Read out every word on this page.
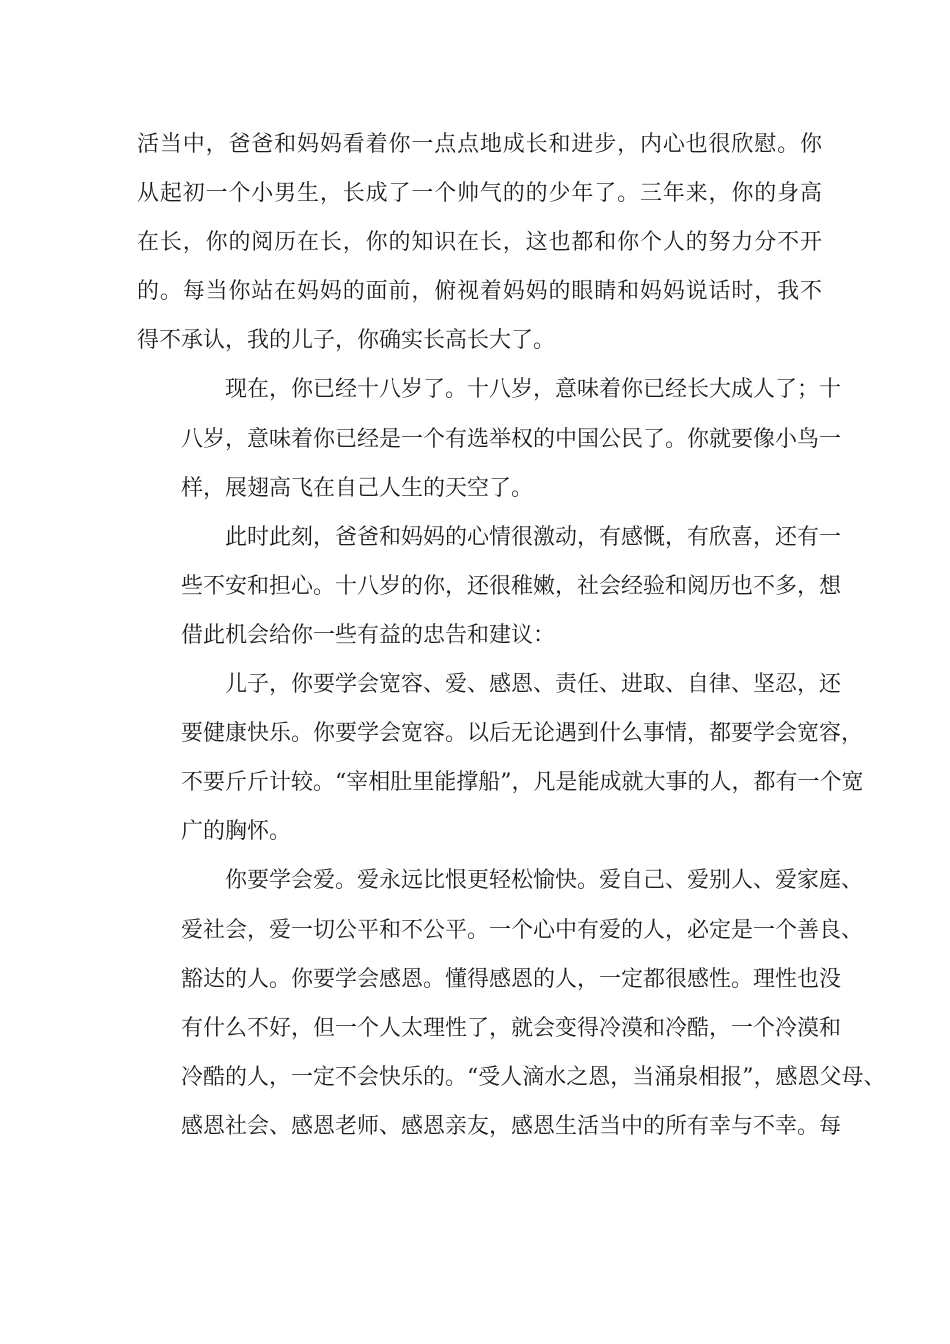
活当中，爸爸和妈妈看着你一点点地成长和进步，内心也很欣慰。你
从起初一个小男生，长成了一个帅气的的少年了。三年来，你的身高
在长，你的阅历在长，你的知识在长，这也都和你个人的努力分不开
的。每当你站在妈妈的面前，俯视着妈妈的眼睛和妈妈说话时，我不
得不承认，我的儿子，你确实长高长大了。
现在，你已经十八岁了。十八岁，意味着你已经长大成人了；十
八岁，意味着你已经是一个有选举权的中国公民了。你就要像小鸟一
样，展翅高飞在自己人生的天空了。
此时此刻，爸爸和妈妈的心情很激动，有感慨，有欣喜，还有一
些不安和担心。十八岁的你，还很稚嫩，社会经验和阅历也不多，想
借此机会给你一些有益的忠告和建议：
儿子，你要学会宽容、爱、感恩、责任、进取、自律、坚忍，还
要健康快乐。你要学会宽容。以后无论遇到什么事情，都要学会宽容，
不要斤斤计较。“宰相肚里能撑船”，凡是能成就大事的人，都有一个宽
广的胸怀。
你要学会爱。爱永远比恨更轻松愉快。爱自己、爱别人、爱家庭、
爱社会，爱一切公平和不公平。一个心中有爱的人，必定是一个善良、
豁达的人。你要学会感恩。懂得感恩的人，一定都很感性。理性也没
有什么不好，但一个人太理性了，就会变得冷漠和冷酷，一个冷漠和
冷酷的人，一定不会快乐的。“受人滴水之恩，当涌泉相报”，感恩父母、
感恩社会、感恩老师、感恩亲友，感恩生活当中的所有幸与不幸。每
